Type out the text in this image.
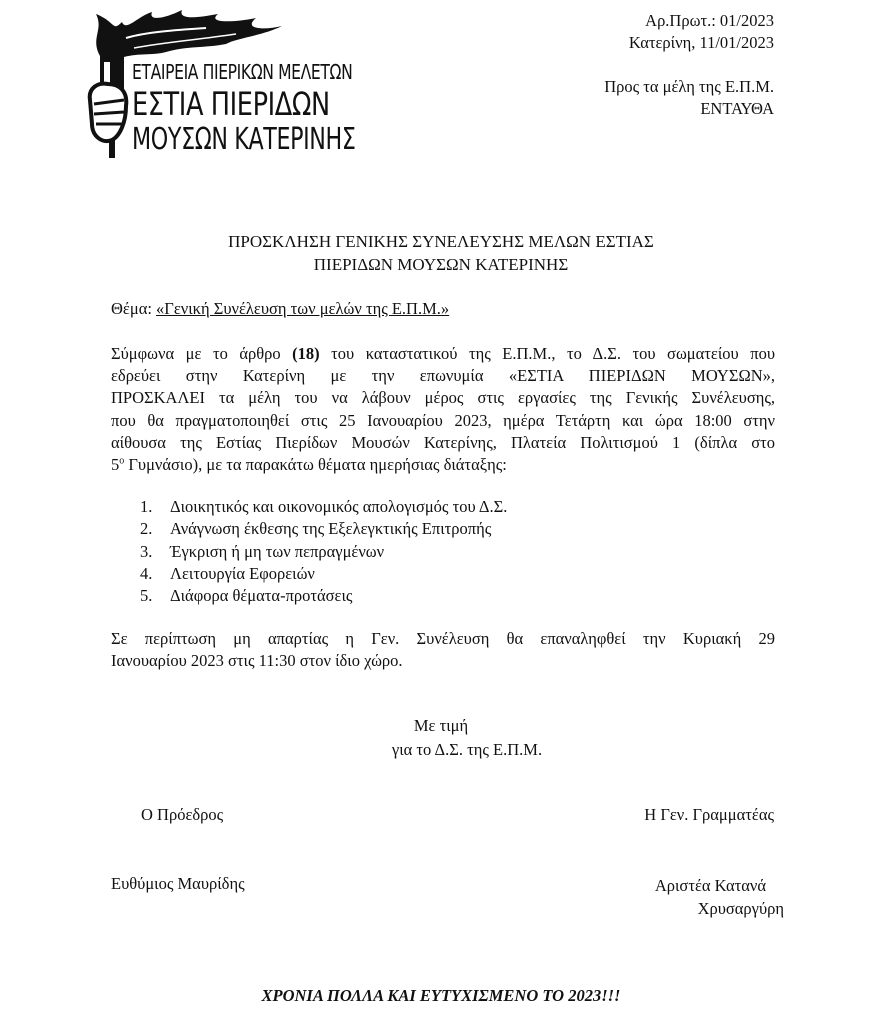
ΕΤΑΙΡΕΙΑ ΠΙΕΡΙΚΩΝ ΜΕΛΕΤΩΝ
ΕΣΤΙΑ ΠΙΕΡΙΔΩΝ
ΜΟΥΣΩΝ ΚΑΤΕΡΙΝΗΣ
Αρ.Πρωτ.: 01/2023
Κατερίνη, 11/01/2023
Προς τα μέλη της Ε.Π.Μ.
ΕΝΤΑΥΘΑ
ΠΡΟΣΚΛΗΣΗ ΓΕΝΙΚΗΣ ΣΥΝΕΛΕΥΣΗΣ ΜΕΛΩΝ ΕΣΤΙΑΣ
ΠΙΕΡΙΔΩΝ ΜΟΥΣΩΝ ΚΑΤΕΡΙΝΗΣ
Θέμα: «Γενική Συνέλευση των μελών της Ε.Π.Μ.»
Σύμφωνα με το άρθρο (18) του καταστατικού της Ε.Π.Μ., το Δ.Σ. του σωματείου που
εδρεύει στην Κατερίνη με την επωνυμία «ΕΣΤΙΑ ΠΙΕΡΙΔΩΝ ΜΟΥΣΩΝ»,
ΠΡΟΣΚΑΛΕΙ τα μέλη του να λάβουν μέρος στις εργασίες της Γενικής Συνέλευσης,
που θα πραγματοποιηθεί στις 25 Ιανουαρίου 2023, ημέρα Τετάρτη και ώρα 18:00 στην
αίθουσα της Εστίας Πιερίδων Μουσών Κατερίνης, Πλατεία Πολιτισμού 1 (δίπλα στο
$5^o$ Γυμνάσιο), με τα παρακάτω θέματα ημερήσιας διάταξης:
1.	Διοικητικός και οικονομικός απολογισμός του Δ.Σ.
2.	Ανάγνωση έκθεσης της Εξελεγκτικής Επιτροπής
3.	Έγκριση ή μη των πεπραγμένων
4.	Λειτουργία Εφορειών
5.	Διάφορα θέματα-προτάσεις
Σε περίπτωση μη απαρτίας η Γεν. Συνέλευση θα επαναληφθεί την Κυριακή 29
Ιανουαρίου 2023 στις 11:30 στον ίδιο χώρο.
Με τιμή
για το Δ.Σ. της Ε.Π.Μ.
Ο Πρόεδρος	Η Γεν. Γραμματέας
Ευθύμιος Μαυρίδης	Αριστέα Κατανά

Χρυσαργύρη
ΧΡΟΝΙΑ ΠΟΛΛΑ ΚΑΙ ΕΥΤΥΧΙΣΜΕΝΟ ΤΟ 2023!!!
